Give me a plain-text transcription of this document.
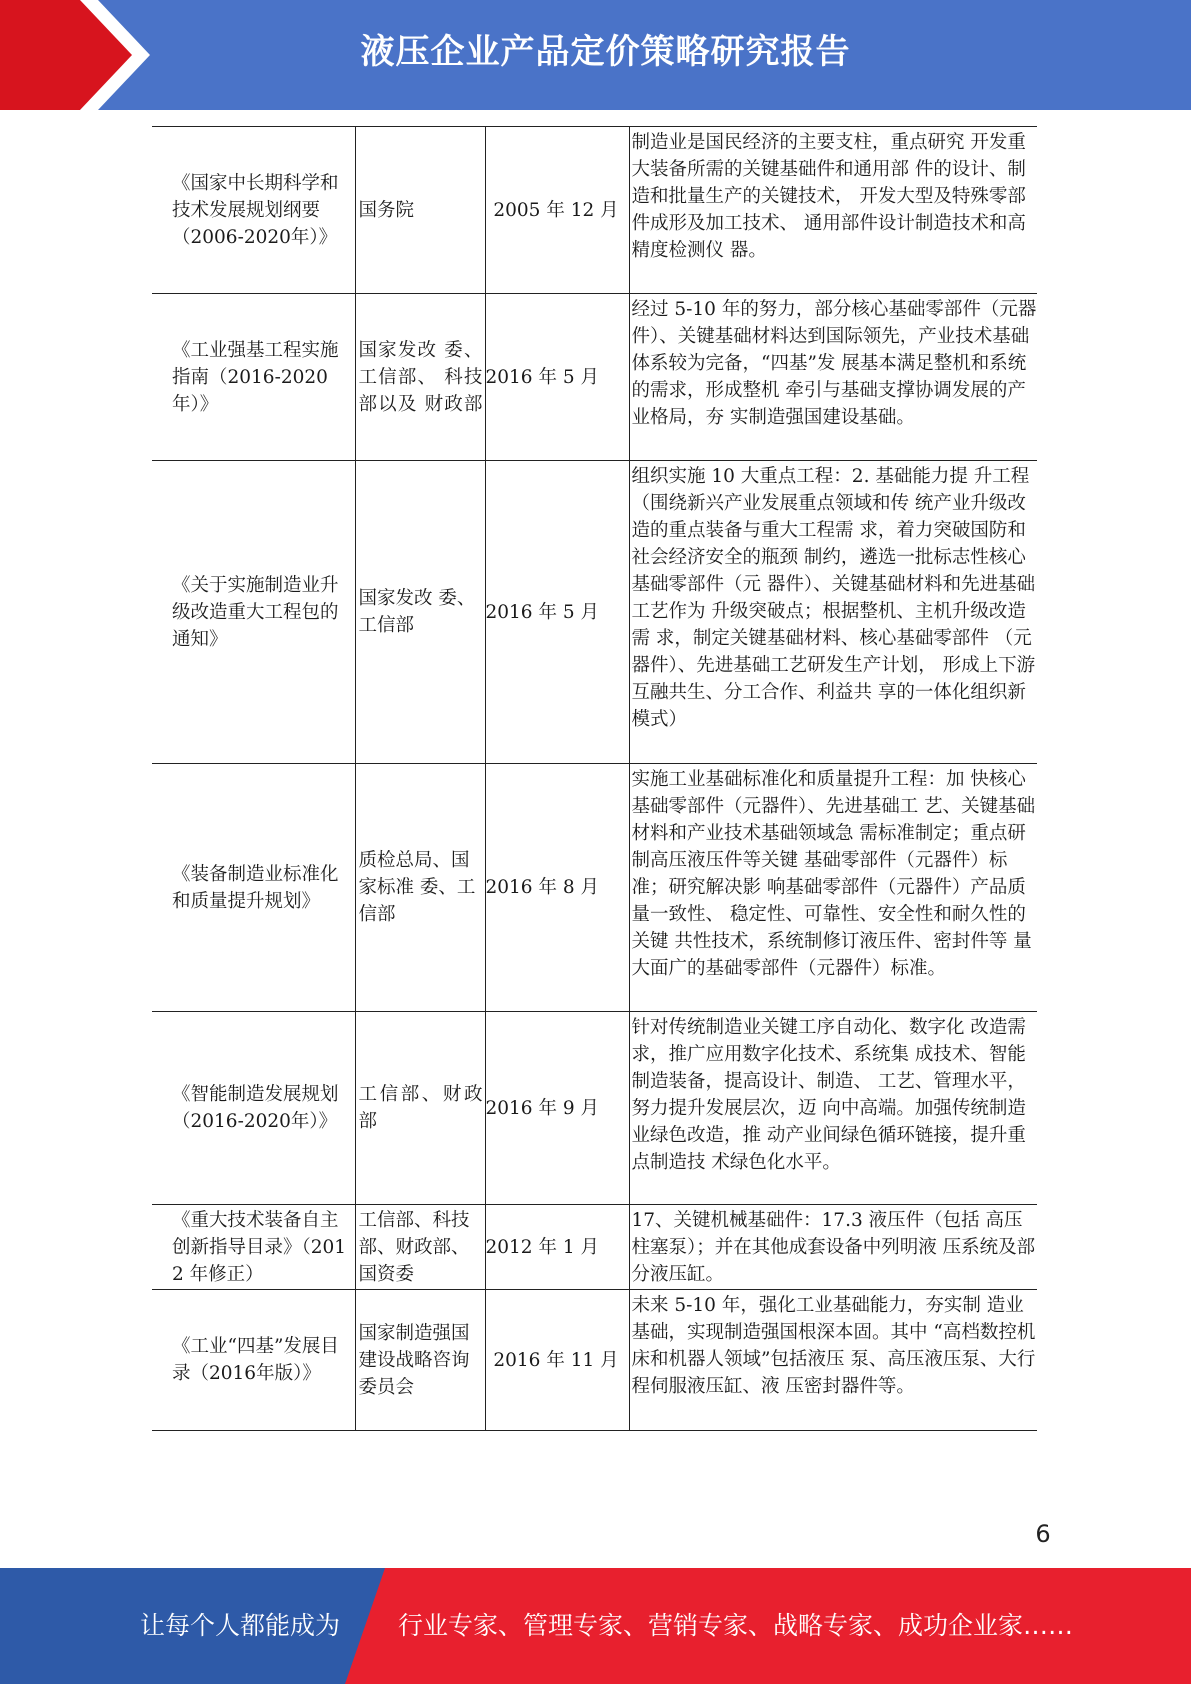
液压企业产品定价策略研究报告
《国家中长期科学和技术发展规划纲要（2006-2020年）》	国务院	2005 年 12 月	制造业是国民经济的主要支柱，重点研究 开发重大装备所需的关键基础件和通用部 件的设计、制造和批量生产的关键技术， 开发大型及特殊零部件成形及加工技术、 通用部件设计制造技术和高精度检测仪 器。
《工业强基工程实施指南（2016-2020年）》	国家发改 委、工信部、 科技部以及 财政部	2016 年 5 月	经过 5-10 年的努力，部分核心基础零部件（元器件）、关键基础材料达到国际领先，产业技术基础体系较为完备，“四基”发 展基本满足整机和系统的需求，形成整机 牵引与基础支撑协调发展的产业格局，夯 实制造强国建设基础。
《关于实施制造业升级改造重大工程包的通知》	国家发改 委、工信部	2016 年 5 月	组织实施 10 大重点工程：2. 基础能力提 升工程（围绕新兴产业发展重点领域和传 统产业升级改造的重点装备与重大工程需 求，着力突破国防和社会经济安全的瓶颈 制约，遴选一批标志性核心基础零部件（元 器件）、关键基础材料和先进基础工艺作为 升级突破点；根据整机、主机升级改造需 求，制定关键基础材料、核心基础零部件 （元器件）、先进基础工艺研发生产计划， 形成上下游互融共生、分工合作、利益共 享的一体化组织新模式）
《装备制造业标准化和质量提升规划》	质检总局、国家标准 委、工信部	2016 年 8 月	实施工业基础标准化和质量提升工程：加 快核心基础零部件（元器件）、先进基础工 艺、关键基础材料和产业技术基础领域急 需标准制定；重点研制高压液压件等关键 基础零部件（元器件）标准；研究解决影 响基础零部件（元器件）产品质量一致性、 稳定性、可靠性、安全性和耐久性的关键 共性技术，系统制修订液压件、密封件等 量大面广的基础零部件（元器件）标准。
《智能制造发展规划（2016-2020年）》	工信部、财政部	2016 年 9 月	针对传统制造业关键工序自动化、数字化 改造需求，推广应用数字化技术、系统集 成技术、智能制造装备，提高设计、制造、 工艺、管理水平，努力提升发展层次，迈 向中高端。加强传统制造业绿色改造，推 动产业间绿色循环链接，提升重点制造技 术绿色化水平。
《重大技术装备自主创新指导目录》（2012 年修正）	工信部、科技部、财政部、国资委	2012 年 1 月	17、关键机械基础件：17.3 液压件（包括 高压柱塞泵）；并在其他成套设备中列明液 压系统及部分液压缸。
《工业“四基”发展目录（2016年版）》	国家制造强国建设战略咨询委员会	2016 年 11 月	未来 5-10 年，强化工业基础能力，夯实制 造业基础，实现制造强国根深本固。其中 “高档数控机床和机器人领域”包括液压 泵、高压液压泵、大行程伺服液压缸、液 压密封器件等。
6
让每个人都能成为 行业专家、管理专家、营销专家、战略专家、成功企业家……
